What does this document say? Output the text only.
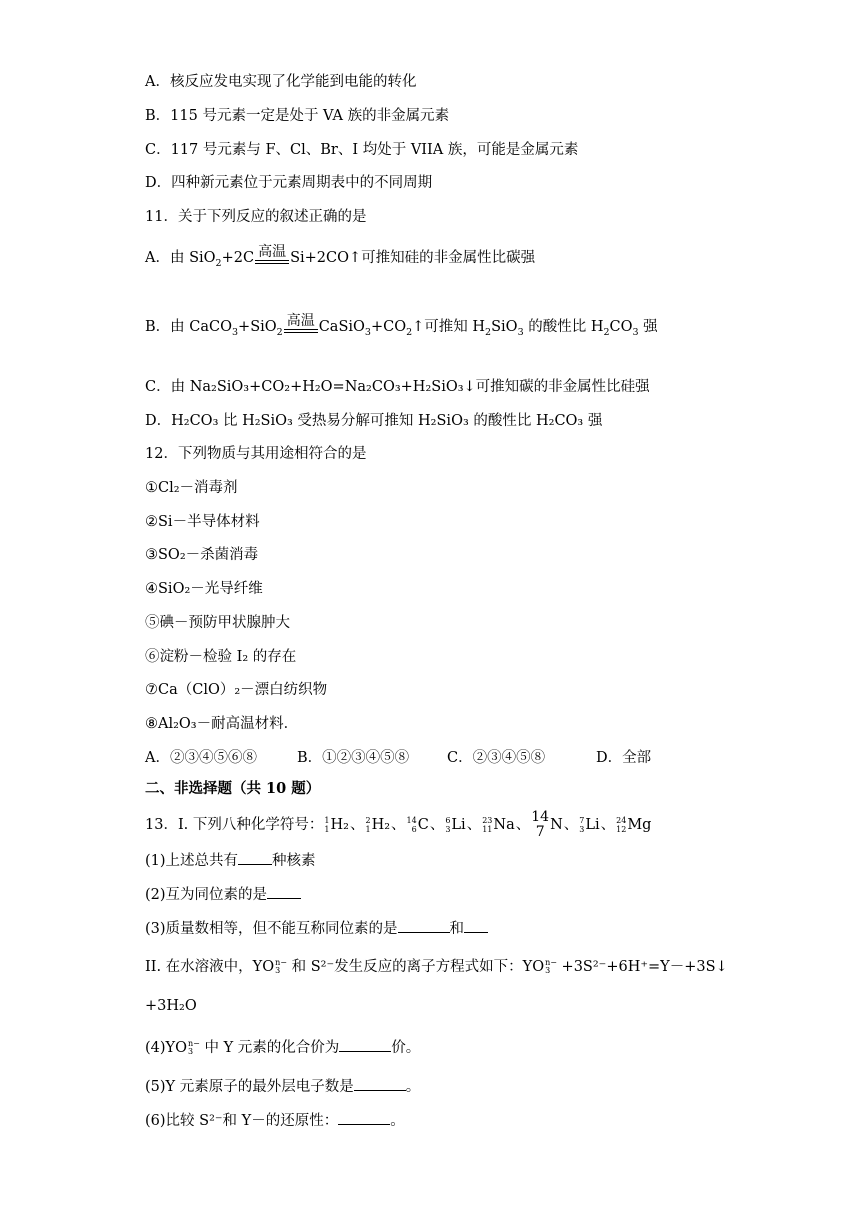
A．核反应发电实现了化学能到电能的转化
B．115 号元素一定是处于 VA 族的非金属元素
C．117 号元素与 F、Cl、Br、I 均处于 VIIA 族，可能是金属元素
D．四种新元素位于元素周期表中的不同周期
11．关于下列反应的叙述正确的是
A．由 SiO$_2$+2C 高温 Si+2CO↑可推知硅的非金属性比碳强
B．由 CaCO$_3$+SiO$_2$
高温 $CaSiO_3+CO_2↑$可推知 $H_2SiO_3$ 的酸性比 $H_2CO_3$ 强
C．由 Na₂SiO₃+CO₂+H₂O=Na₂CO₃+H₂SiO₃↓可推知碳的非金属性比硅强
D．H₂CO₃ 比 H₂SiO₃ 受热易分解可推知 H₂SiO₃ 的酸性比 H₂CO₃ 强
12．下列物质与其用途相符合的是
①Cl₂－消毒剂
②Si－半导体材料
③SO₂－杀菌消毒
④SiO₂－光导纤维
⑤碘－预防甲状腺肿大
⑥淀粉－检验 I₂ 的存在
⑦Ca（ClO）₂－漂白纺织物
⑧Al₂O₃－耐高温材料．
A．②③④⑤⑥⑧	B．①②③④⑤⑧	C．②③④⑤⑧	D．全部
二、非选择题（共 10 题）
13．I. 下列八种化学符号： 1
1 H₂、 2
1 H₂、 14
6 C、 6
3 Li、 23
11 Na、 14
7 N、 7
3 Li、 24
12 Mg
(1)上述总共有 种核素
(2)互为同位素的是
(3)质量数相等，但不能互称同位素的是	和
II. 在水溶液中，YO n−
3 和 S²⁻发生反应的离子方程式如下：YO n−
3 +3S²⁻+6H⁺=Y－+3S↓
+3H₂O
(4)YO n−
3 中 Y 元素的化合价为	价。
(5)Y 元素原子的最外层电子数是	。
(6)比较 S²⁻和 Y－的还原性：	。
